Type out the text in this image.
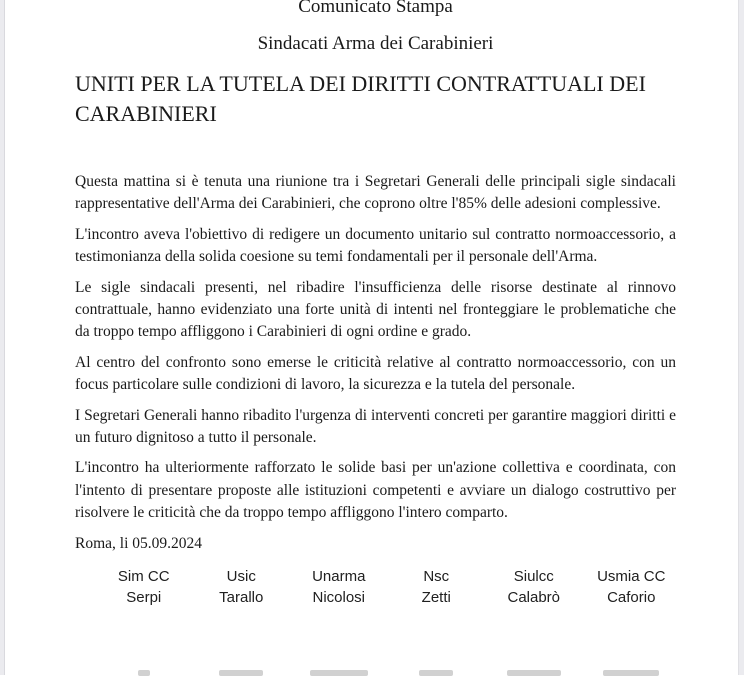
Comunicato Stampa
Sindacati Arma dei Carabinieri
UNITI PER LA TUTELA DEI DIRITTI CONTRATTUALI DEI CARABINIERI

Questa mattina si è tenuta una riunione tra i Segretari Generali delle principali sigle sindacali rappresentative dell'Arma dei Carabinieri, che coprono oltre l'85% delle adesioni complessive.

L'incontro aveva l'obiettivo di redigere un documento unitario sul contratto normoaccessorio, a testimonianza della solida coesione su temi fondamentali per il personale dell'Arma.

Le sigle sindacali presenti, nel ribadire l'insufficienza delle risorse destinate al rinnovo contrattuale, hanno evidenziato una forte unità di intenti nel fronteggiare le problematiche che da troppo tempo affliggono i Carabinieri di ogni ordine e grado.

Al centro del confronto sono emerse le criticità relative al contratto normoaccessorio, con un focus particolare sulle condizioni di lavoro, la sicurezza e la tutela del personale.

I Segretari Generali hanno ribadito l'urgenza di interventi concreti per garantire maggiori diritti e un futuro dignitoso a tutto il personale.

L'incontro ha ulteriormente rafforzato le solide basi per un'azione collettiva e coordinata, con l'intento di presentare proposte alle istituzioni competenti e avviare un dialogo costruttivo per risolvere le criticità che da troppo tempo affliggono l'intero comparto.

Roma, li 05.09.2024

Sim CC
Serpi
Usic
Tarallo
Unarma
Nicolosi
Nsc
Zetti
Siulcc
Calabrò
Usmia CC
Caforio
